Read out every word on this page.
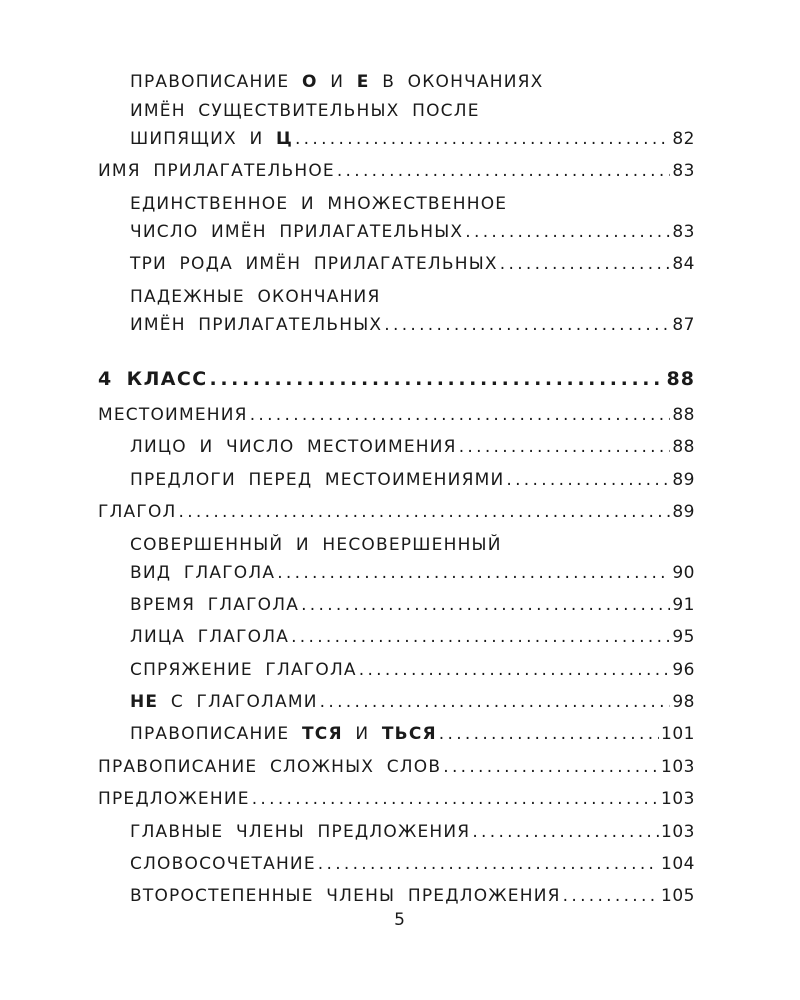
ПРАВОПИСАНИЕ О И Е В ОКОНЧАНИЯХ
ИМЁН СУЩЕСТВИТЕЛЬНЫХ ПОСЛЕ
ШИПЯЩИХ И Ц .....	82
ИМЯ ПРИЛАГАТЕЛЬНОЕ .....	83
ЕДИНСТВЕННОЕ И МНОЖЕСТВЕННОЕ
ЧИСЛО ИМЁН ПРИЛАГАТЕЛЬНЫХ .....	83
ТРИ РОДА ИМЁН ПРИЛАГАТЕЛЬНЫХ .....	84
ПАДЕЖНЫЕ ОКОНЧАНИЯ
ИМЁН ПРИЛАГАТЕЛЬНЫХ .....	87
4 КЛАСС .....	88
МЕСТОИМЕНИЯ .....	88
ЛИЦО И ЧИСЛО МЕСТОИМЕНИЯ .....	88
ПРЕДЛОГИ ПЕРЕД МЕСТОИМЕНИЯМИ .....	89
ГЛАГОЛ .....	89
СОВЕРШЕННЫЙ И НЕСОВЕРШЕННЫЙ
ВИД ГЛАГОЛА .....	90
ВРЕМЯ ГЛАГОЛА .....	91
ЛИЦА ГЛАГОЛА .....	95
СПРЯЖЕНИЕ ГЛАГОЛА .....	96
НЕ С ГЛАГОЛАМИ .....	98
ПРАВОПИСАНИЕ ТСЯ И ТЬСЯ .....	101
ПРАВОПИСАНИЕ СЛОЖНЫХ СЛОВ .....	103
ПРЕДЛОЖЕНИЕ .....	103
ГЛАВНЫЕ ЧЛЕНЫ ПРЕДЛОЖЕНИЯ .....	103
СЛОВОСОЧЕТАНИЕ .....	104
ВТОРОСТЕПЕННЫЕ ЧЛЕНЫ ПРЕДЛОЖЕНИЯ .....	105
5
